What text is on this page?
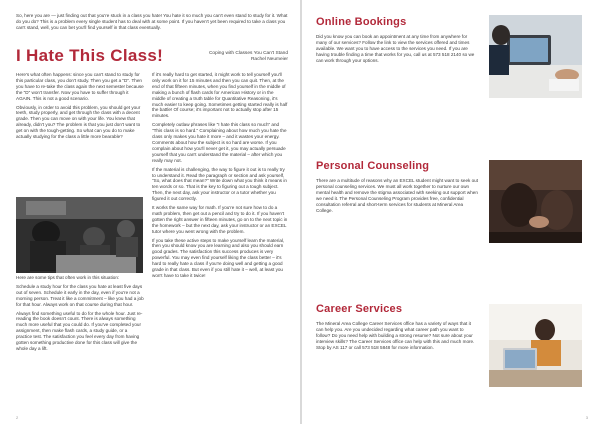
So, here you are — just finding out that you're stuck in a class you hate! You hate it so much you can't even stand to study for it. What do you do? This is a problem every single student has to deal with at some point. If you haven't yet been required to take a class you can't stand, well, you can bet you'll find yourself in that class eventually.

I Hate This Class!	Coping with Classes You Can't Stand
Rachel Neumeier

Here's what often happens: since you can't stand to study for this particular class, you don't study. Then you get a "D". Then you have to re-take the class again the next semester because the "D" won't transfer. Now you have to suffer through it AGAIN. This is not a good scenario.

Obviously, in order to avoid this problem, you should get your teeth, study properly, and get through the class with a decent grade. Then you can move on with your life. You knew that already, didn't you? The problem is that you just don't want to get on with the tough-getting. So what can you do to make actually studying for the class a little more bearable?

Here are some tips that often work in this situation:

Schedule a study hour for the class you hate at least five days out of seven. Schedule it early in the day, even if you're not a morning person. Treat it like a commitment – like you had a job for that hour. Always work on that course during that hour.

Always find something useful to do for the whole hour. Just re-reading the book doesn't count. There is always something much more useful that you could do. If you've completed your assignment, then make flash cards, a study guide, or a practice test. The satisfaction you feel every day from having gotten something productive done for this class will give the whole day a lift.

If it's really hard to get started, it might work to tell yourself you'll only work on it for 15 minutes and then you can quit. Then, at the end of that fifteen minutes, when you find yourself in the middle of making a bunch of flash cards for American History or in the middle of creating a truth table for Quantitative Reasoning, it's much easier to keep going. Sometimes getting started really is half the battle! Of course; it's important not to actually stop after 15 minutes.

Completely outlaw phrases like "I hate this class so much" and "This class is so hard." Complaining about how much you hate the class only makes you hate it more – and it wastes your energy. Comments about how the subject is so hard are worse. If you complain about how you'll never get it, you may actually persuade yourself that you can't understand the material – after which you really may not.

If the material is challenging, the way to figure it out is to really try to understand it. Read the paragraph or section and ask yourself, "So, what does that mean?" Write down what you think it means in ten words or so. That is the key to figuring out a tough subject. Then, the next day, ask your instructor or a tutor whether you figured it out correctly.

It works the same way for math. If you're not sure how to do a math problem, then get out a pencil and try to do it. If you haven't gotten the right answer in fifteen minutes, go on to the next topic in the homework – but the next day, ask your instructor or an EXCEL tutor where you went wrong with the problem.

If you take these active steps to make yourself learn the material, then you should know you are learning and also you should earn good grades. The satisfaction this success produces is very powerful. You may even find yourself liking the class better – it's hard to really hate a class if you're doing well and getting a good grade in that class. But even if you still hate it – well, at least you won't have to take it twice!

2	3
Online Bookings

Did you know you can book an appointment at any time from anywhere for many of our services? Follow the link to view the services offered and times available. We want you to have access to the services you need. If you are having trouble finding a time that works for you, call us at 573 518 2140 so we can work through your options.

Personal Counseling

There are a multitude of reasons why an EXCEL student might want to seek out personal counseling services. We must all work together to nurture our own mental health and remove the stigma associated with seeking out support when we need it. The Personal Counseling Program provides free, confidential consultation referral and short-term services for students at Mineral Area College.

Career Services

The Mineral Area College Career Services office has a variety of ways that it can help you. Are you undecided regarding what career path you want to follow? Do you need help with building a strong resume? Not sure about your interview skills? The Career Services office can help with this and much more. Stop by AS 117 or call 573 518 5848 for more information.
